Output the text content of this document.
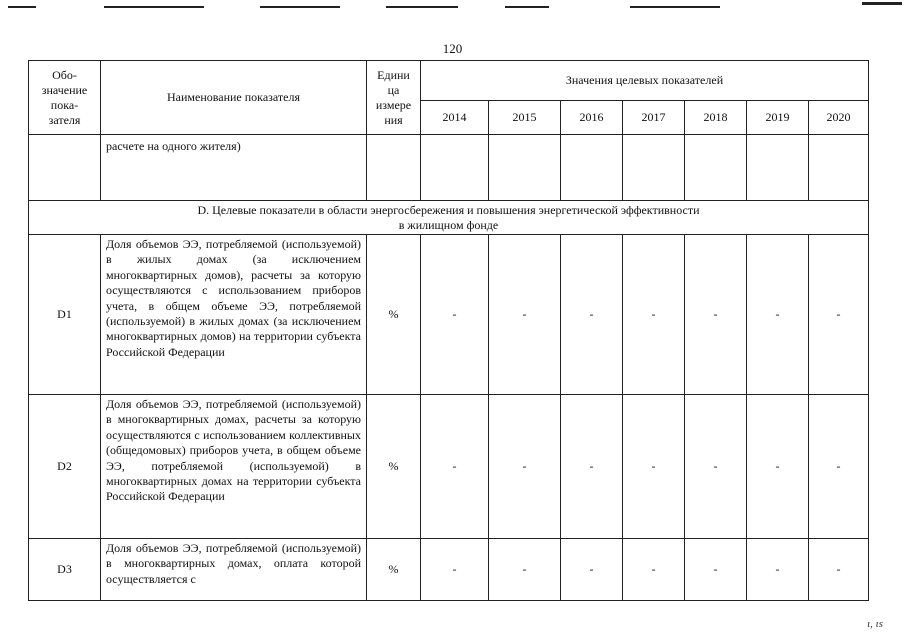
120
Обо-
значение
пока-
зателя	Наименование показателя	Едини
ца
измере
ния	Значения целевых показателей						
			2014	2015	2016	2017	2018	2019	2020
	расчете на одного жителя)								
D. Целевые показатели в области энергосбережения и повышения энергетической эффективности
в жилищном фонде									
D1	Доля объемов ЭЭ, потребляемой (используемой) в жилых домах (за исключением многоквартирных домов), расчеты за которую осуществляются с использованием приборов учета, в общем объеме ЭЭ, потребляемой (используемой) в жилых домах (за исключением многоквартирных домов) на территории субъекта Российской Федерации	%	-	-	-	-	-	-	-
D2	Доля объемов ЭЭ, потребляемой (используемой) в многоквартирных домах, расчеты за которую осуществляются с использованием коллективных (общедомовых) приборов учета, в общем объеме ЭЭ, потребляемой (используемой) в многоквартирных домах на территории субъекта Российской Федерации	%	-	-	-	-	-	-	-
D3	Доля объемов ЭЭ, потребляемой (используемой) в многоквартирных домах, оплата которой осуществляется с	%	-	-	-	-	-	-	-
ι, ιs
